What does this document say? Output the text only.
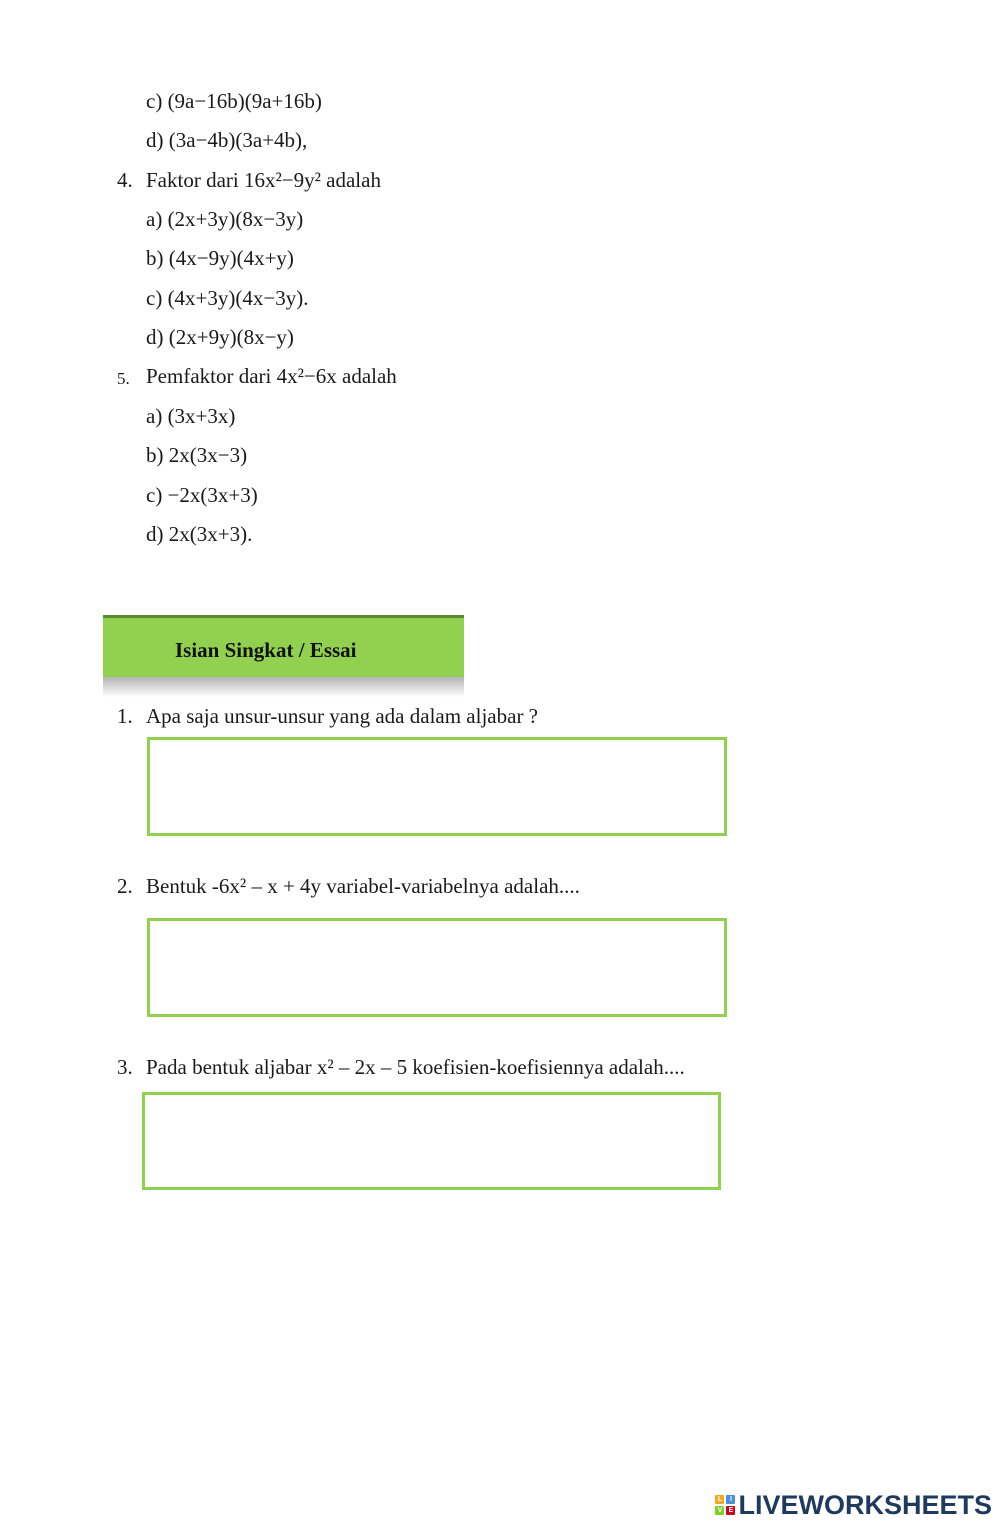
c) (9a−16b)(9a+16b)
d) (3a−4b)(3a+4b),
4. Faktor dari 16x²−9y² adalah
a) (2x+3y)(8x−3y)
b) (4x−9y)(4x+y)
c) (4x+3y)(4x−3y).
d) (2x+9y)(8x−y)
5. Pemfaktor dari 4x²−6x adalah
a) (3x+3x)
b) 2x(3x−3)
c) −2x(3x+3)
d) 2x(3x+3).
Isian Singkat / Essai
1. Apa saja unsur-unsur yang ada dalam aljabar ?
2. Bentuk -6x² – x + 4y variabel-variabelnya adalah....
3. Pada bentuk aljabar x² – 2x – 5 koefisien-koefisiennya adalah....
L	I
V E LIVEWORKSHEETS
